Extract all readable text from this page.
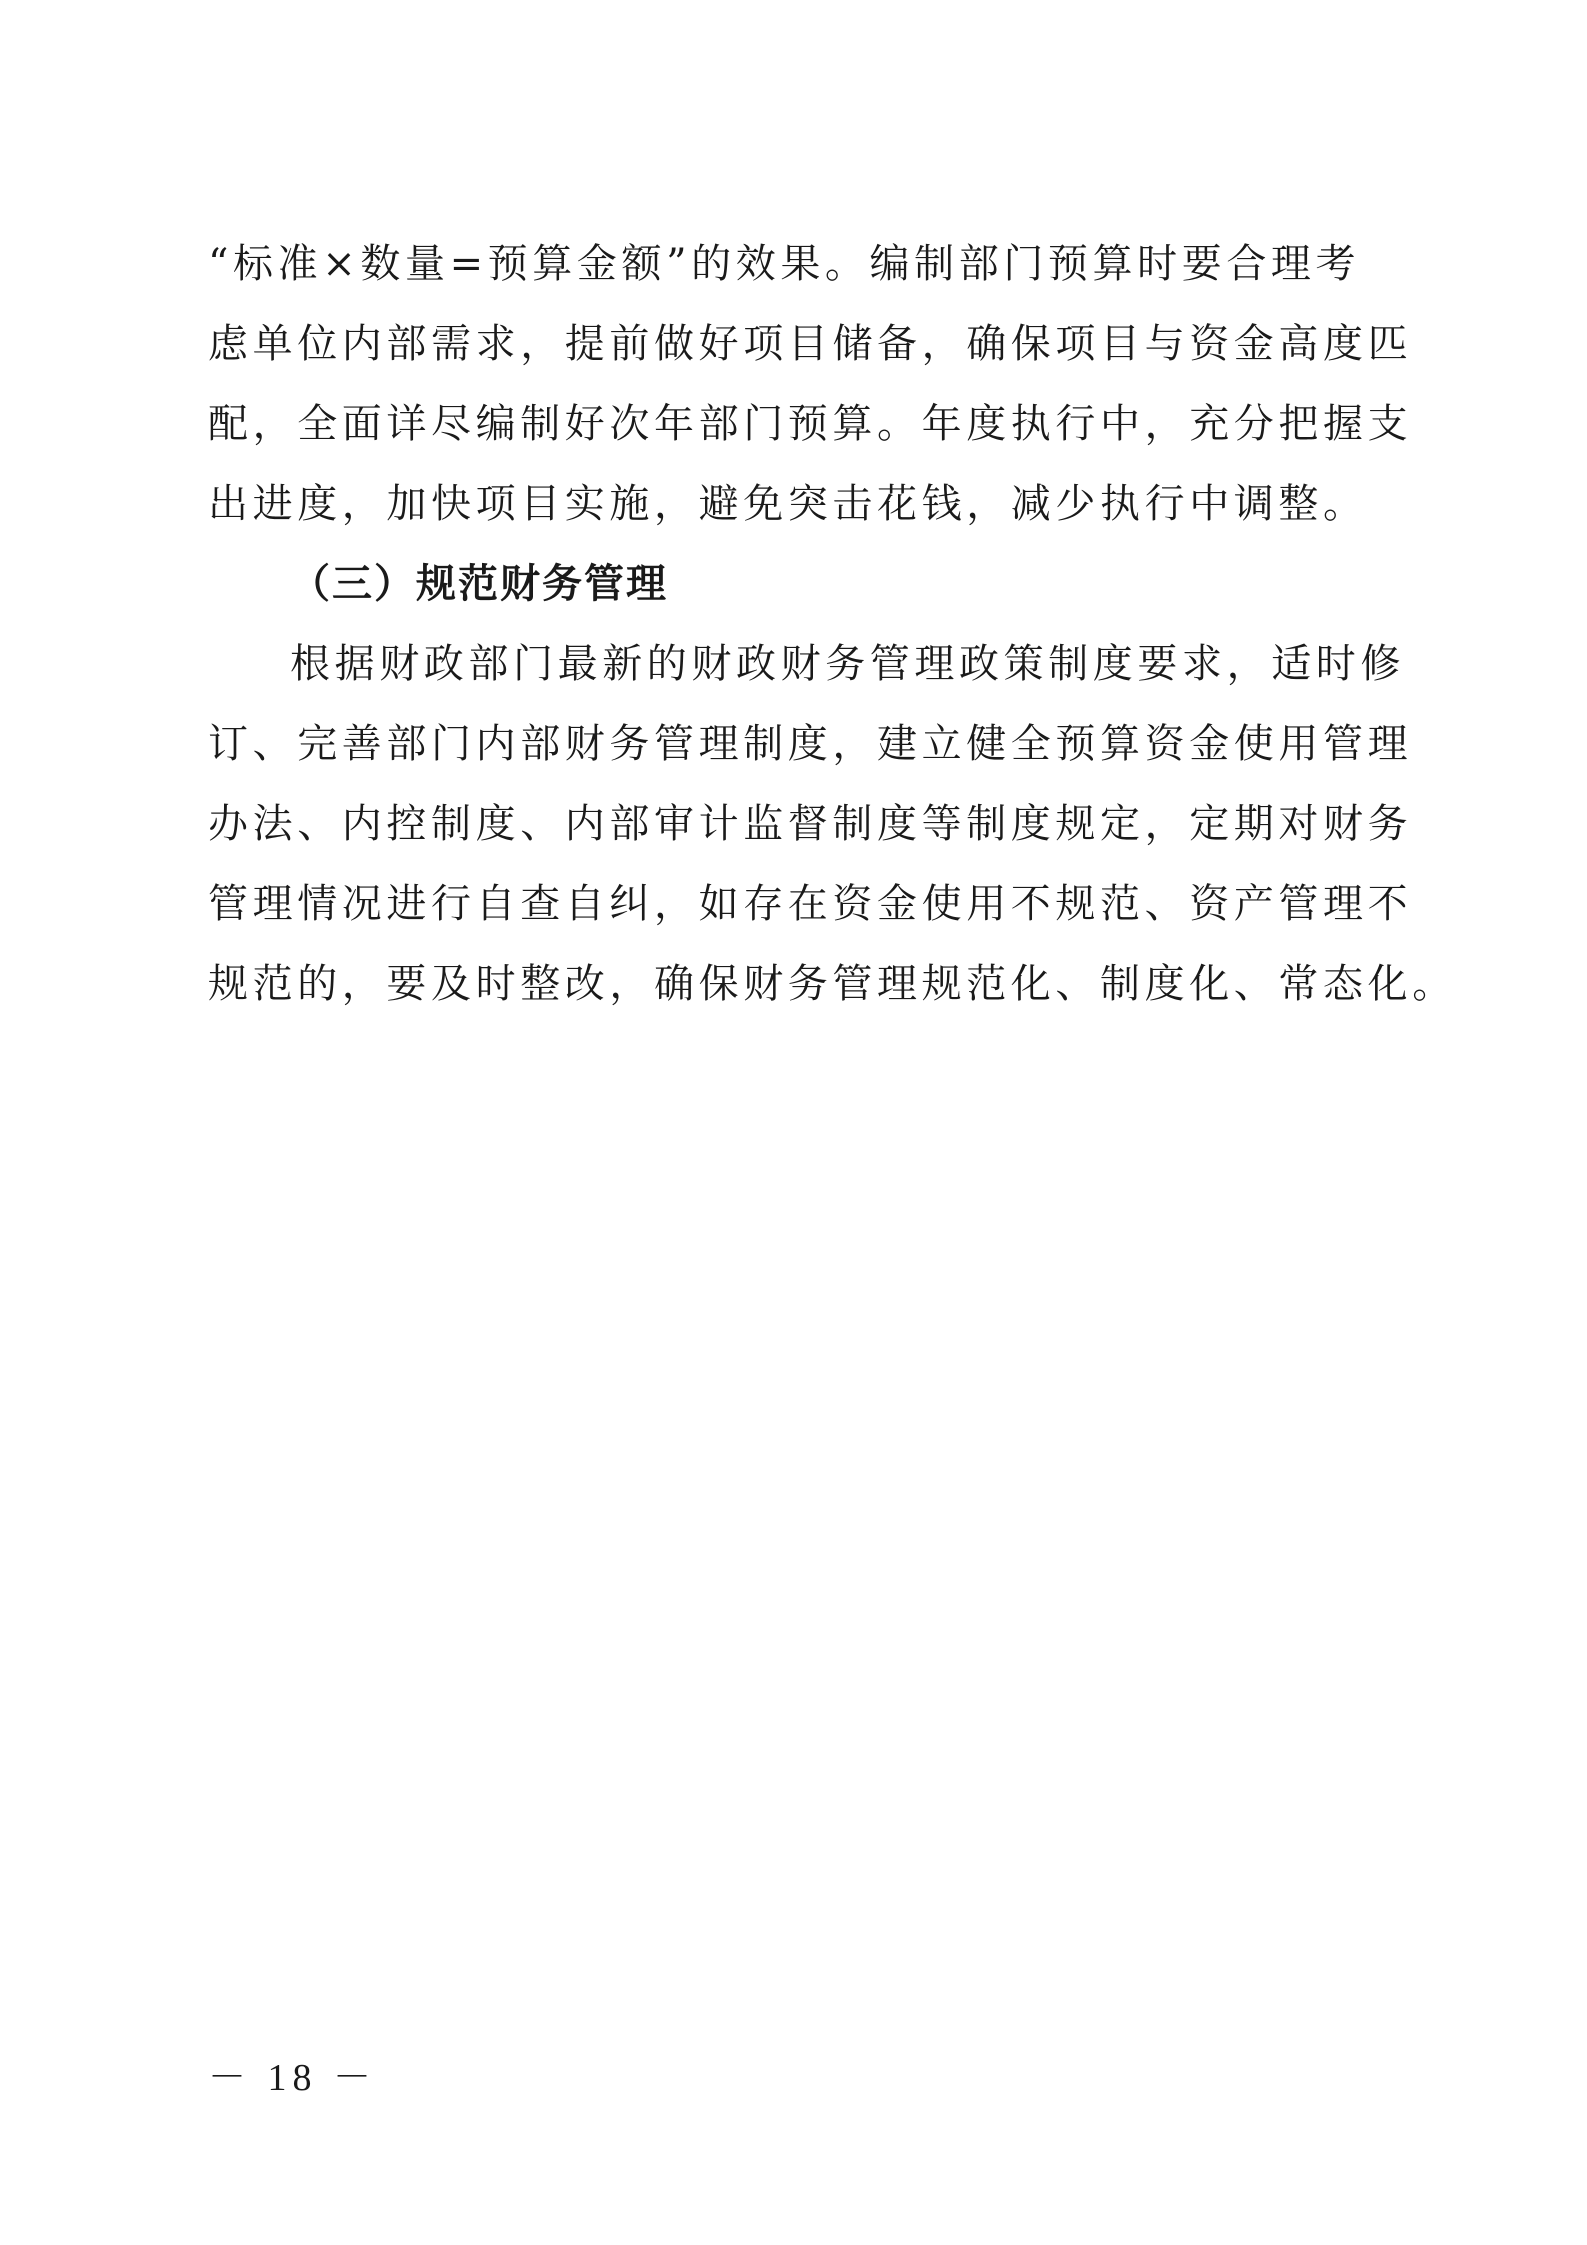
“标准×数量=预算金额”的效果。编制部门预算时要合理考
虑单位内部需求，提前做好项目储备，确保项目与资金高度匹
配，全面详尽编制好次年部门预算。年度执行中，充分把握支
出进度，加快项目实施，避免突击花钱，减少执行中调整。
（三）规范财务管理
根据财政部门最新的财政财务管理政策制度要求，适时修
订、完善部门内部财务管理制度，建立健全预算资金使用管理
办法、内控制度、内部审计监督制度等制度规定，定期对财务
管理情况进行自查自纠，如存在资金使用不规范、资产管理不
规范的，要及时整改，确保财务管理规范化、制度化、常态化。
－ 18 －
